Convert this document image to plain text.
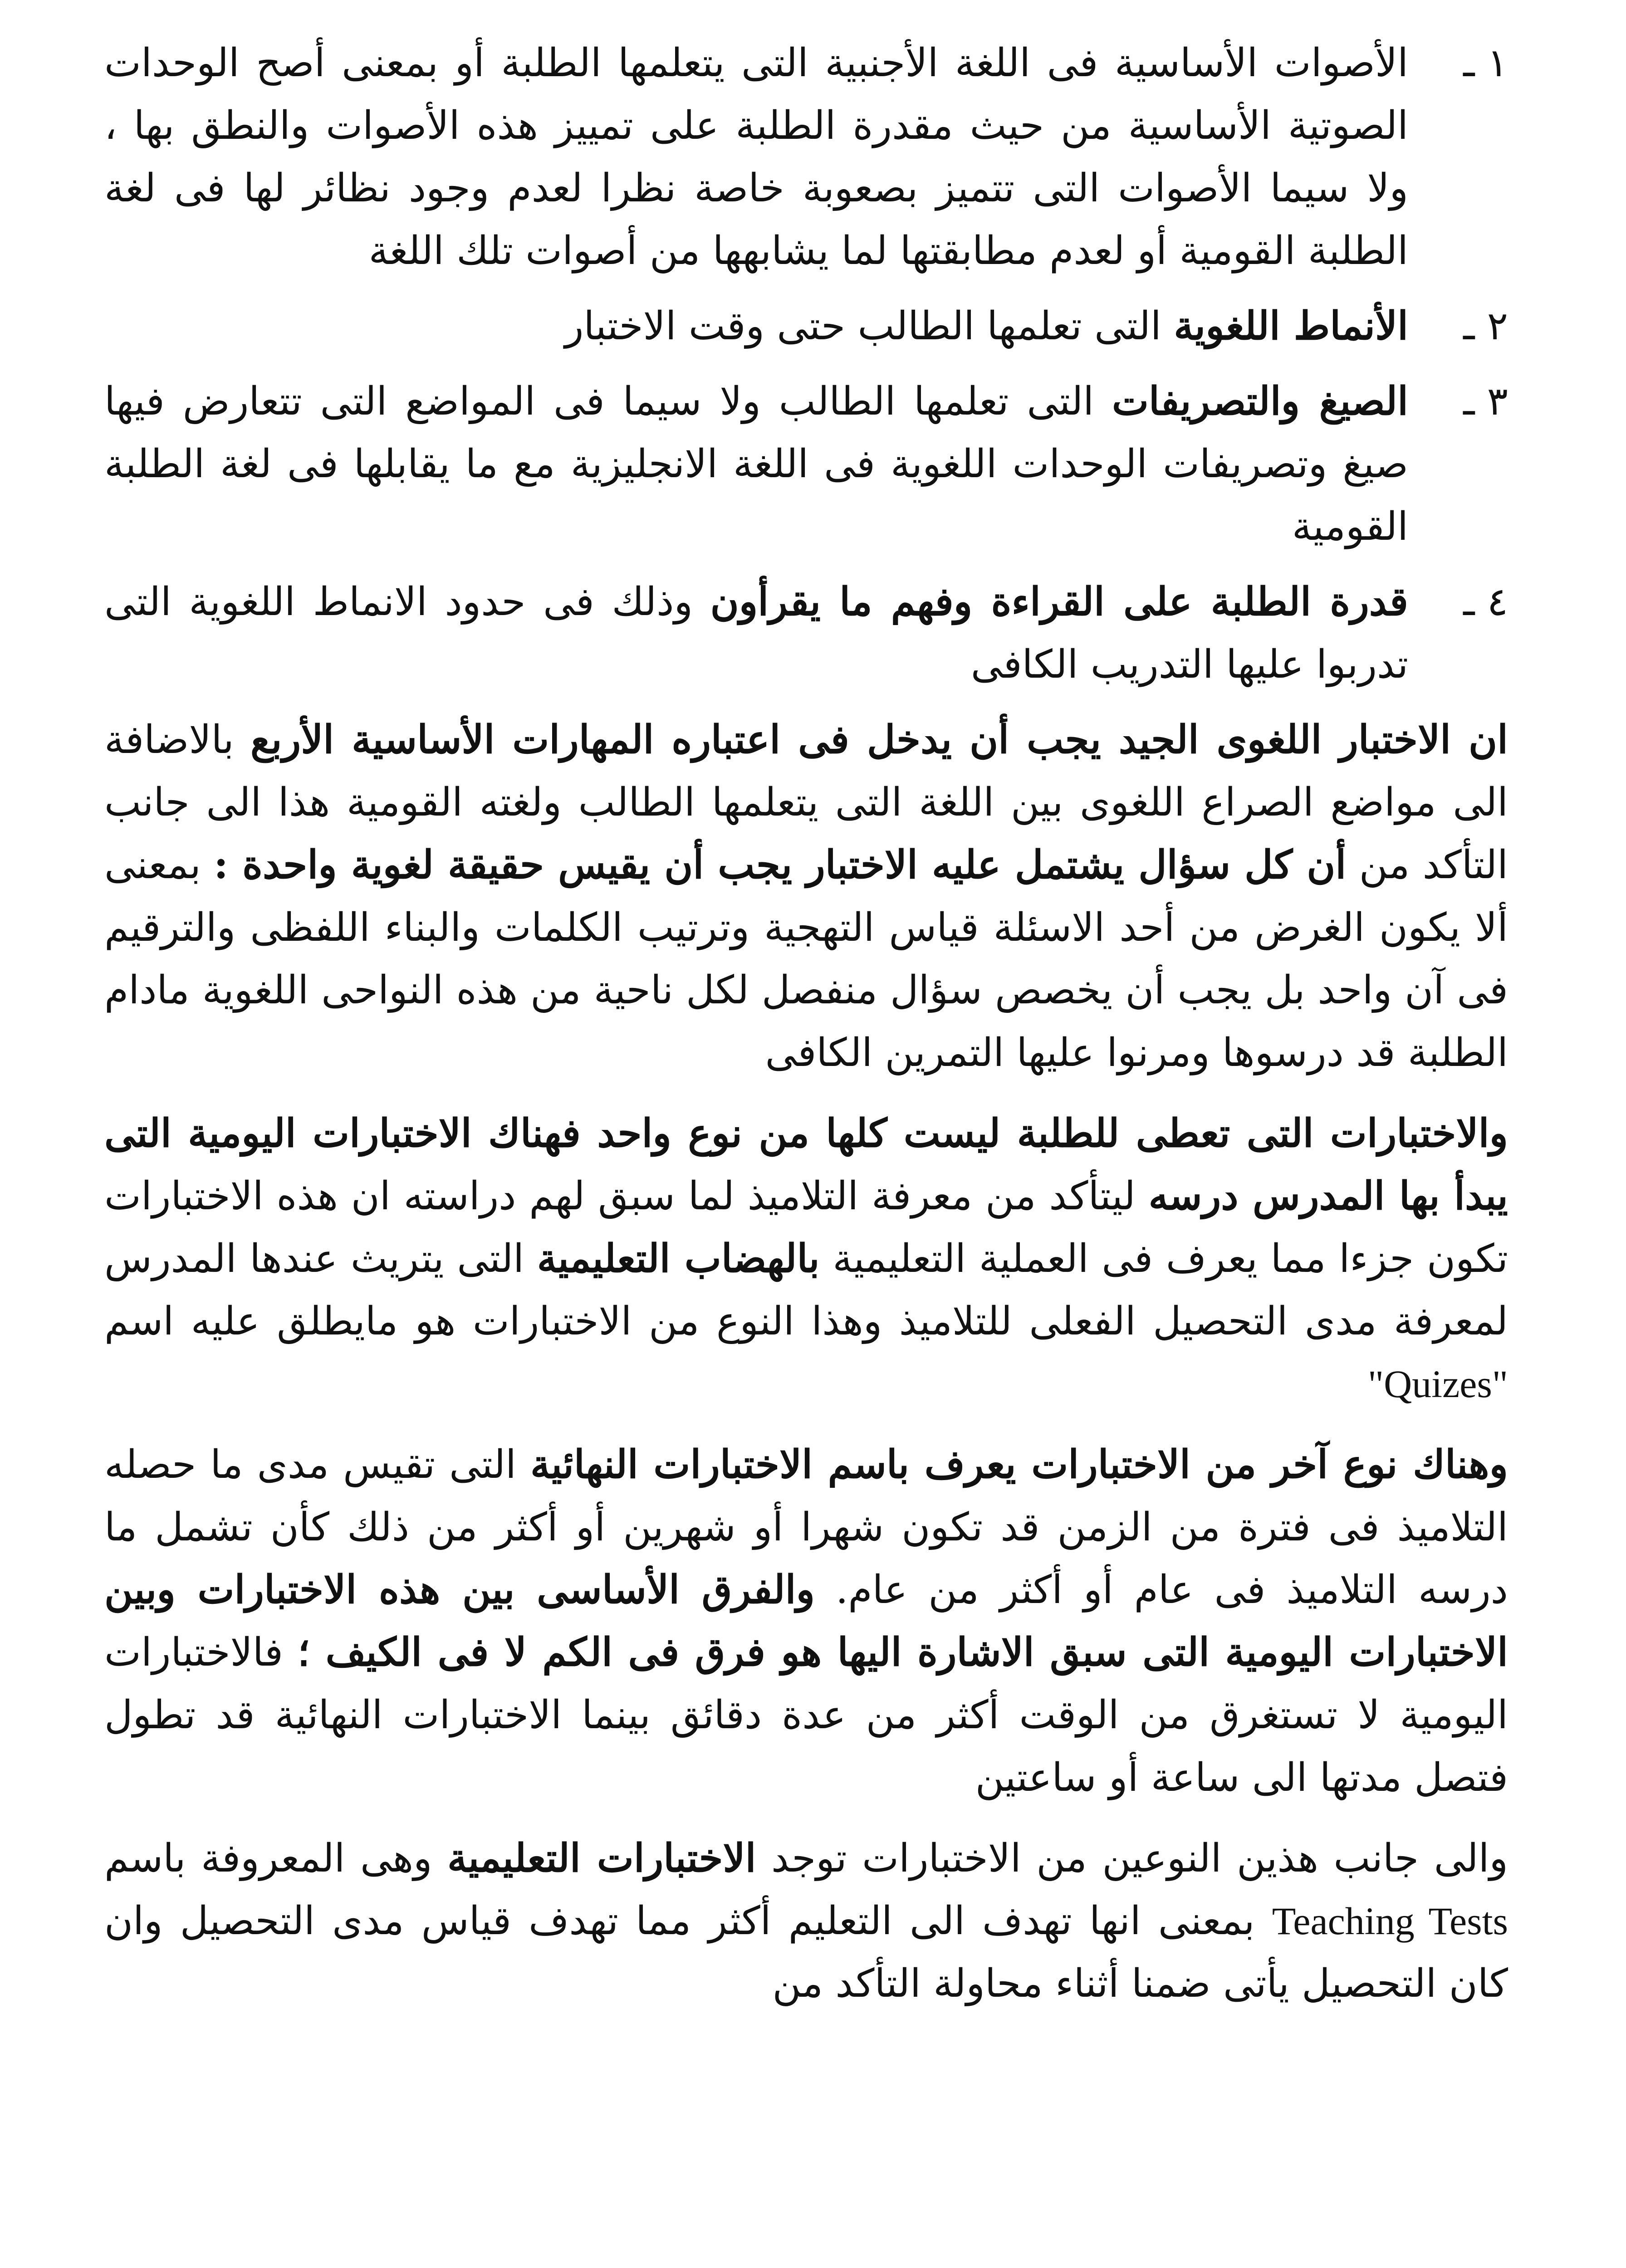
١ ـ
الأصوات الأساسية فى اللغة الأجنبية التى يتعلمها الطلبة أو بمعنى أصح الوحدات الصوتية الأساسية من حيث مقدرة الطلبة على تمييز هذه الأصوات والنطق بها ، ولا سيما الأصوات التى تتميز بصعوبة خاصة نظرا لعدم وجود نظائر لها فى لغة الطلبة القومية أو لعدم مطابقتها لما يشابهها من أصوات تلك اللغة
٢ ـ
الأنماط اللغوية التى تعلمها الطالب حتى وقت الاختبار
٣ ـ
الصيغ والتصريفات التى تعلمها الطالب ولا سيما فى المواضع التى تتعارض فيها صيغ وتصريفات الوحدات اللغوية فى اللغة الانجليزية مع ما يقابلها فى لغة الطلبة القومية
٤ ـ
قدرة الطلبة على القراءة وفهم ما يقرأون وذلك فى حدود الانماط اللغوية التى تدربوا عليها التدريب الكافى

ان الاختبار اللغوى الجيد يجب أن يدخل فى اعتباره المهارات الأساسية الأربع بالاضافة الى مواضع الصراع اللغوى بين اللغة التى يتعلمها الطالب ولغته القومية هذا الى جانب التأكد من أن كل سؤال يشتمل عليه الاختبار يجب أن يقيس حقيقة لغوية واحدة : بمعنى ألا يكون الغرض من أحد الاسئلة قياس التهجية وترتيب الكلمات والبناء اللفظى والترقيم فى آن واحد بل يجب أن يخصص سؤال منفصل لكل ناحية من هذه النواحى اللغوية مادام الطلبة قد درسوها ومرنوا عليها التمرين الكافى

والاختبارات التى تعطى للطلبة ليست كلها من نوع واحد فهناك الاختبارات اليومية التى يبدأ بها المدرس درسه ليتأكد من معرفة التلاميذ لما سبق لهم دراسته ان هذه الاختبارات تكون جزءا مما يعرف فى العملية التعليمية بالهضاب التعليمية التى يتريث عندها المدرس لمعرفة مدى التحصيل الفعلى للتلاميذ وهذا النوع من الاختبارات هو مايطلق عليه اسم "Quizes"

وهناك نوع آخر من الاختبارات يعرف باسم الاختبارات النهائية التى تقيس مدى ما حصله التلاميذ فى فترة من الزمن قد تكون شهرا أو شهرين أو أكثر من ذلك كأن تشمل ما درسه التلاميذ فى عام أو أكثر من عام. والفرق الأساسى بين هذه الاختبارات وبين الاختبارات اليومية التى سبق الاشارة اليها هو فرق فى الكم لا فى الكيف ؛ فالاختبارات اليومية لا تستغرق من الوقت أكثر من عدة دقائق بينما الاختبارات النهائية قد تطول فتصل مدتها الى ساعة أو ساعتين

والى جانب هذين النوعين من الاختبارات توجد الاختبارات التعليمية وهى المعروفة باسم Teaching Tests بمعنى انها تهدف الى التعليم أكثر مما تهدف قياس مدى التحصيل وان كان التحصيل يأتى ضمنا أثناء محاولة التأكد من
